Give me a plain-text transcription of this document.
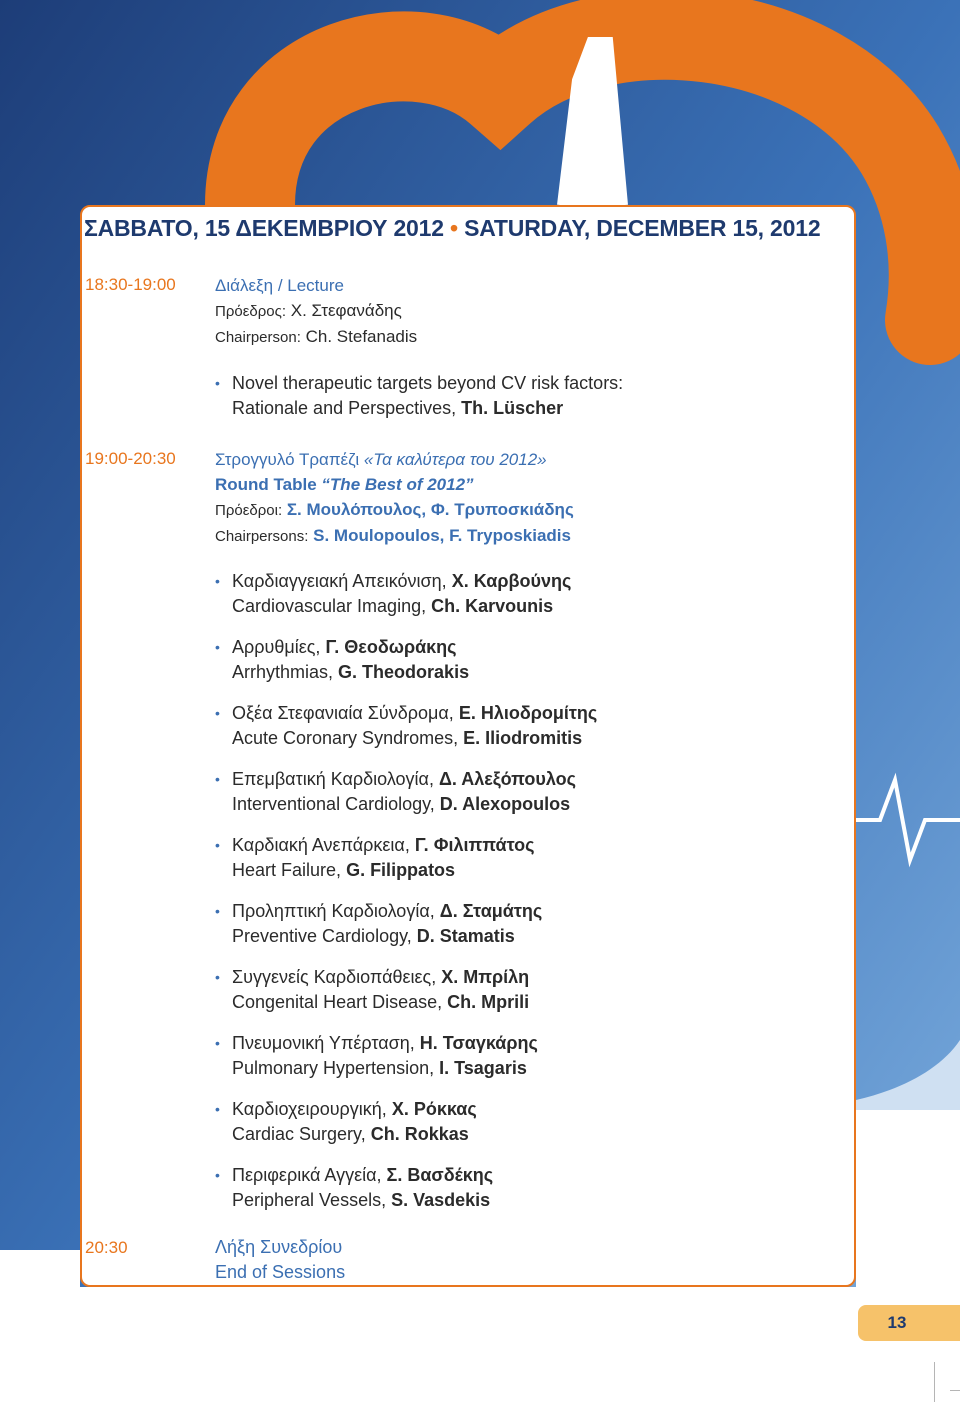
ΣΑΒΒΑΤΟ, 15 ΔΕΚΕΜΒΡΙΟΥ 2012 • SATURDAY, DECEMBER 15, 2012
18:30-19:00 Διάλεξη / Lecture
Πρόεδρος: Χ. Στεφανάδης
Chairperson: Ch. Stefanadis
• Novel therapeutic targets beyond CV risk factors:
Rationale and Perspectives, Th. Lüscher
19:00-20:30 Στρογγυλό Τραπέζι «Τα καλύτερα του 2012»
Round Table “The Best of 2012”
Πρόεδροι: Σ. Μουλόπουλος, Φ. Τρυποσκιάδης
Chairpersons: S. Moulopoulos, F. Tryposkiadis
• Καρδιαγγειακή Απεικόνιση, Χ. Καρβούνης
Cardiovascular Imaging, Ch. Karvounis
• Αρρυθμίες, Γ. Θεοδωράκης
Arrhythmias, G. Theodorakis
• Οξέα Στεφανιαία Σύνδρομα, Ε. Ηλιοδρομίτης
Acute Coronary Syndromes, E. Iliodromitis
• Επεμβατική Καρδιολογία, Δ. Αλεξόπουλος
Interventional Cardiology, D. Alexopoulos
• Καρδιακή Ανεπάρκεια, Γ. Φιλιππάτος
Heart Failure, G. Filippatos
• Προληπτική Καρδιολογία, Δ. Σταμάτης
Preventive Cardiology, D. Stamatis
• Συγγενείς Καρδιοπάθειες, Χ. Μπρίλη
Congenital Heart Disease, Ch. Mprili
• Πνευμονική Υπέρταση, Η. Τσαγκάρης
Pulmonary Hypertension, I. Tsagaris
• Καρδιοχειρουργική, Χ. Ρόκκας
Cardiac Surgery, Ch. Rokkas
• Περιφερικά Αγγεία, Σ. Βασδέκης
Peripheral Vessels, S. Vasdekis
20:30	Λήξη Συνεδρίου
End of Sessions
13
